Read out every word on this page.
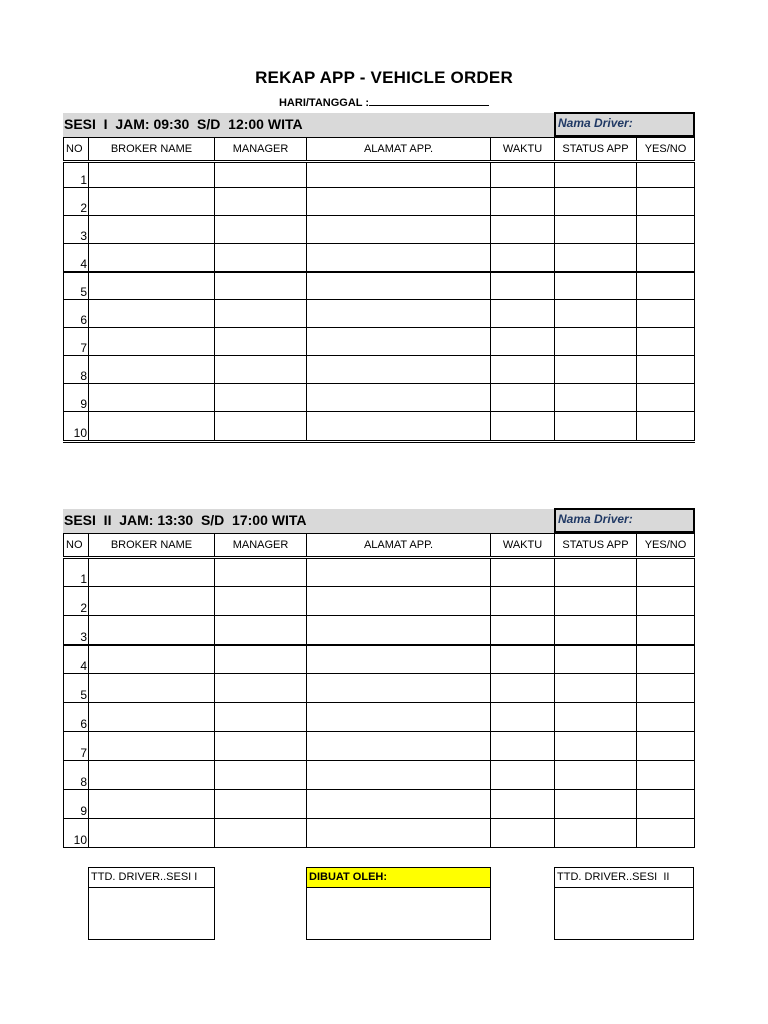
REKAP APP - VEHICLE ORDER
HARI/TANGGAL :
SESI  I  JAM: 09:30  S/D  12:00 WITA	Nama Driver:
NO	BROKER NAME	MANAGER	ALAMAT APP.	WAKTU	STATUS APP	YES/NO
1						
2						
3						
4						
5						
6						
7						
8						
9						
10						
SESI  II  JAM: 13:30  S/D  17:00 WITA	Nama Driver:
NO	BROKER NAME	MANAGER	ALAMAT APP.	WAKTU	STATUS APP	YES/NO
1						
2						
3						
4						
5						
6						
7						
8						
9						
10						
TTD. DRIVER..SESI I	DIBUAT OLEH:	TTD. DRIVER..SESI  II
